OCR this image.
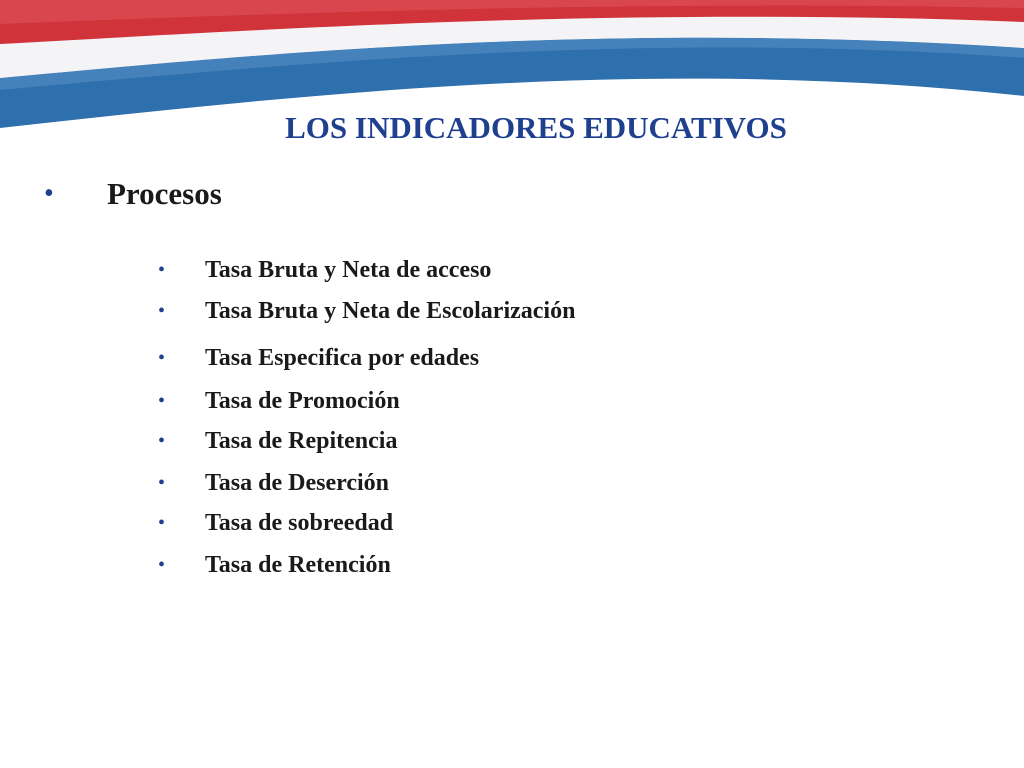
LOS INDICADORES EDUCATIVOS
• Procesos
• Tasa Bruta y Neta de acceso
• Tasa Bruta y Neta de Escolarización
• Tasa Especifica por edades
• Tasa de Promoción
• Tasa de Repitencia
• Tasa de Deserción
• Tasa de sobreedad
• Tasa de Retención
